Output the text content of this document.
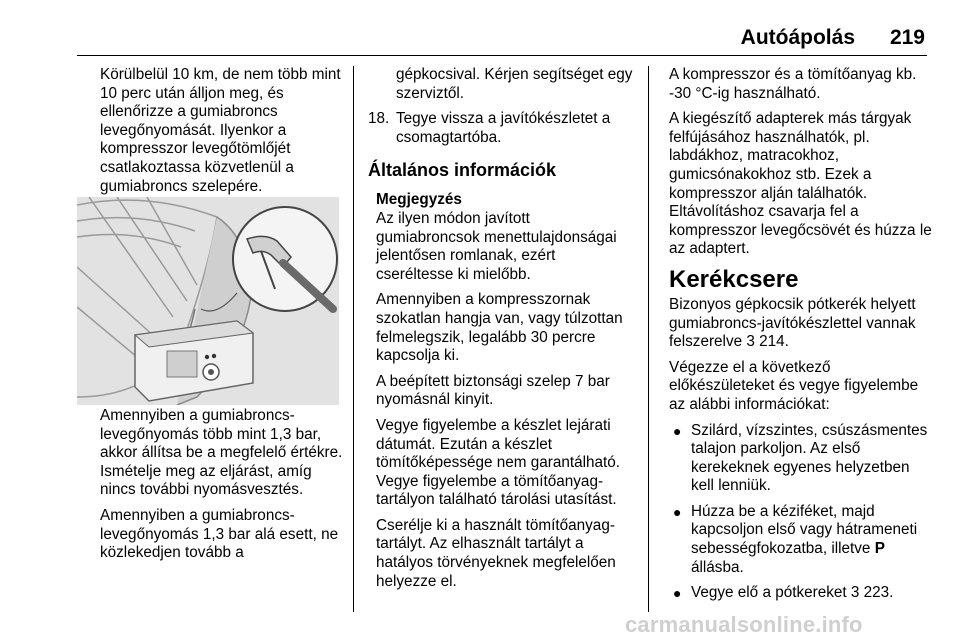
Autóápolás 219

Körülbelül 10 km, de nem több mint 10 perc után álljon meg, és ellenőrizze a gumiabroncs levegőnyomását. Ilyenkor a kompresszor levegőtömlőjét csatlakoztassa közvetlenül a gumiabroncs szelepére.

Amennyiben a gumiabroncs-levegőnyomás több mint 1,3 bar, akkor állítsa be a megfelelő értékre. Ismételje meg az eljárást, amíg nincs további nyomásvesztés.

Amennyiben a gumiabroncs-levegőnyomás 1,3 bar alá esett, ne közlekedjen tovább a

gépkocsival. Kérjen segítséget egy szerviztől.

18. Tegye vissza a javítókészletet a csomagtartóba.
Általános információk
Megjegyzés

Az ilyen módon javított gumiabroncsok menettulajdonságai jelentősen romlanak, ezért cseréltesse ki mielőbb.

Amennyiben a kompresszornak szokatlan hangja van, vagy túlzottan felmelegszik, legalább 30 percre kapcsolja ki.

A beépített biztonsági szelep 7 bar nyomásnál kinyit.

Vegye figyelembe a készlet lejárati dátumát. Ezután a készlet tömítőképessége nem garantálható. Vegye figyelembe a tömítőanyag-tartályon található tárolási utasítást.

Cserélje ki a használt tömítőanyag-tartályt. Az elhasznált tartályt a hatályos törvényeknek megfelelően helyezze el.

A kompresszor és a tömítőanyag kb. -30 °C-ig használható.

A kiegészítő adapterek más tárgyak felfújásához használhatók, pl. labdákhoz, matracokhoz, gumicsónakokhoz stb. Ezek a kompresszor alján találhatók. Eltávolításhoz csavarja fel a kompresszor levegőcsövét és húzza le az adaptert.

Kerékcsere

Bizonyos gépkocsik pótkerék helyett gumiabroncs-javítókészlettel vannak felszerelve 3 214.

Végezze el a következő előkészületeket és vegye figyelembe az alábbi információkat:

● Szilárd, vízszintes, csúszásmentes talajon parkoljon. Az első kerekeknek egyenes helyzetben kell lenniük.
● Húzza be a kéziféket, majd kapcsoljon első vagy hátrameneti sebességfokozatba, illetve P állásba.
● Vegye elő a pótkereket 3 223.
carmanualsonline.info
